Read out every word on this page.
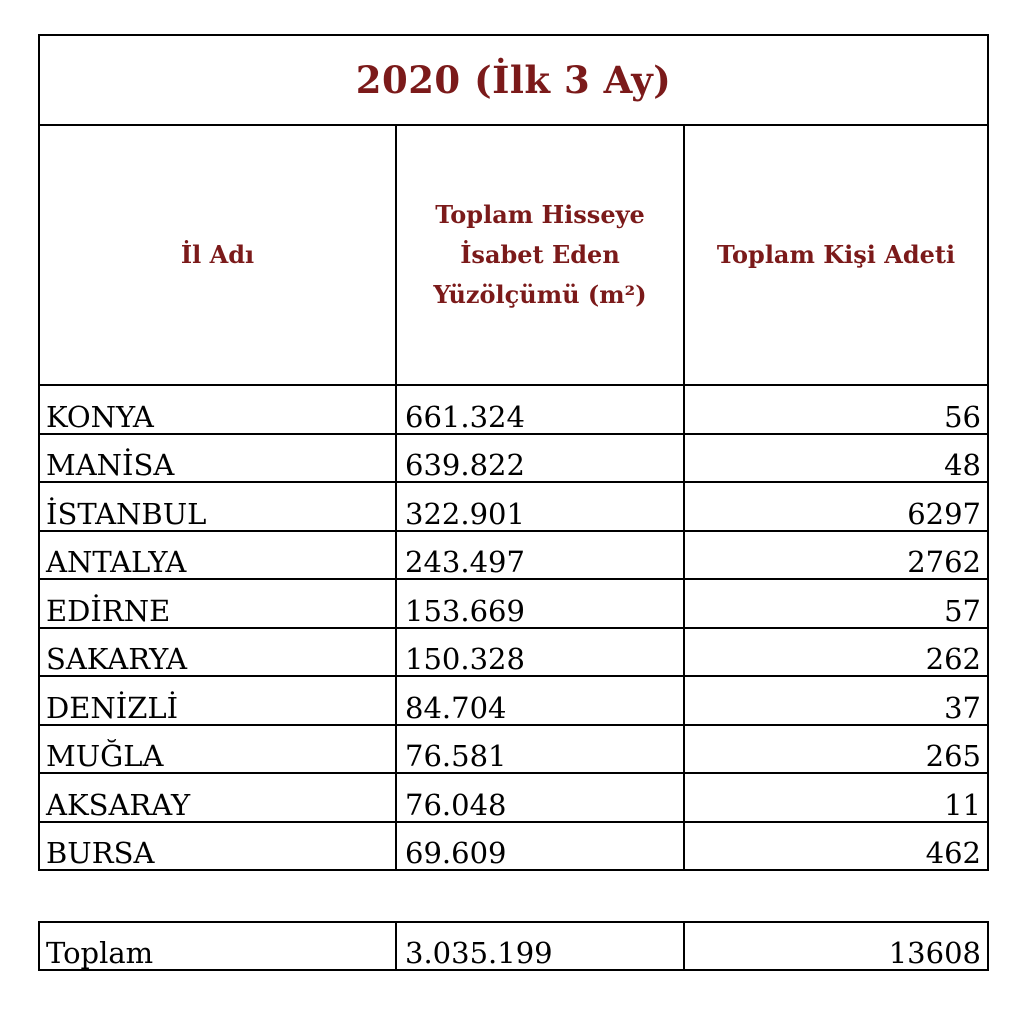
2020 (İlk 3 Ay)		
İl Adı	Toplam Hisseye İsabet Eden Yüzölçümü (m²)	Toplam Kişi Adeti
KONYA	661.324	56
MANİSA	639.822	48
İSTANBUL	322.901	6297
ANTALYA	243.497	2762
EDİRNE	153.669	57
SAKARYA	150.328	262
DENİZLİ	84.704	37
MUĞLA	76.581	265
AKSARAY	76.048	11
BURSA	69.609	462
Toplam	3.035.199	13608
